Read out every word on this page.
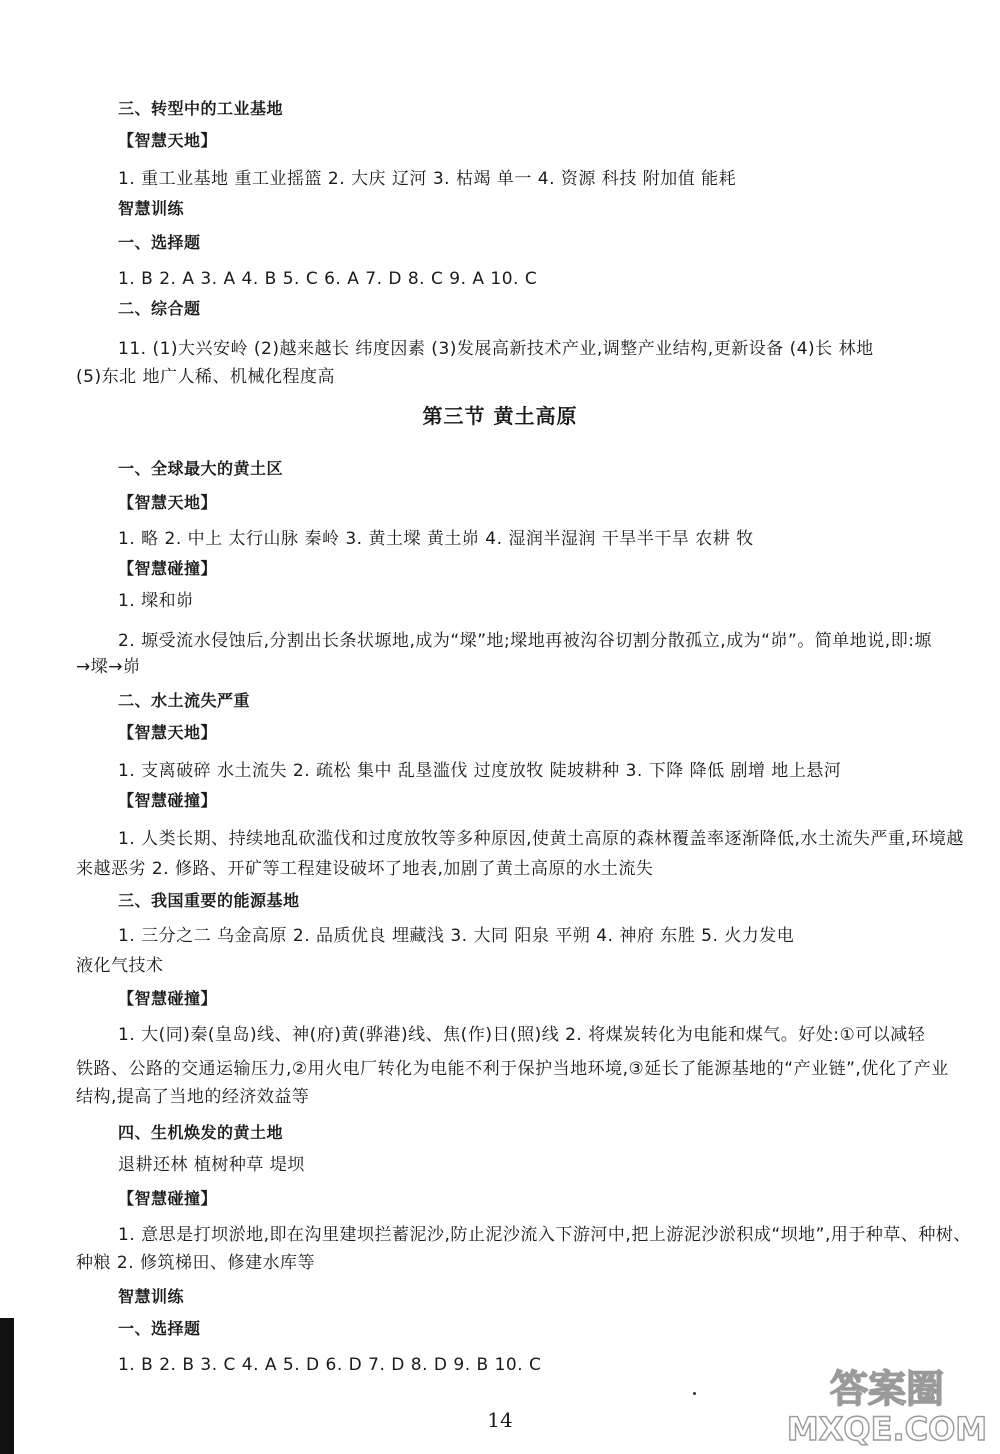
三、转型中的工业基地
【智慧天地】
1. 重工业基地 重工业摇篮 2. 大庆 辽河 3. 枯竭 单一 4. 资源 科技 附加值 能耗
智慧训练
一、选择题
1. B 2. A 3. A 4. B 5. C 6. A 7. D 8. C 9. A 10. C
二、综合题
11. (1)大兴安岭 (2)越来越长 纬度因素 (3)发展高新技术产业,调整产业结构,更新设备 (4)长 林地
(5)东北 地广人稀、机械化程度高
一、全球最大的黄土区
【智慧天地】
1. 略 2. 中上 太行山脉 秦岭 3. 黄土墚 黄土峁 4. 湿润半湿润 干旱半干旱 农耕 牧
【智慧碰撞】
1. 墚和峁
2. 塬受流水侵蚀后,分割出长条状塬地,成为“墚”地;墚地再被沟谷切割分散孤立,成为“峁”。简单地说,即:塬
→墚→峁
二、水土流失严重
【智慧天地】
1. 支离破碎 水土流失 2. 疏松 集中 乱垦滥伐 过度放牧 陡坡耕种 3. 下降 降低 剧增 地上悬河
【智慧碰撞】
1. 人类长期、持续地乱砍滥伐和过度放牧等多种原因,使黄土高原的森林覆盖率逐渐降低,水土流失严重,环境越
来越恶劣 2. 修路、开矿等工程建设破坏了地表,加剧了黄土高原的水土流失
三、我国重要的能源基地
1. 三分之二 乌金高原 2. 品质优良 埋藏浅 3. 大同 阳泉 平朔 4. 神府 东胜 5. 火力发电
液化气技术
【智慧碰撞】
1. 大(同)秦(皇岛)线、神(府)黄(骅港)线、焦(作)日(照)线 2. 将煤炭转化为电能和煤气。好处:①可以减轻
铁路、公路的交通运输压力,②用火电厂转化为电能不利于保护当地环境,③延长了能源基地的“产业链”,优化了产业
结构,提高了当地的经济效益等
四、生机焕发的黄土地
退耕还林 植树种草 堤坝
【智慧碰撞】
1. 意思是打坝淤地,即在沟里建坝拦蓄泥沙,防止泥沙流入下游河中,把上游泥沙淤积成“坝地”,用于种草、种树、
种粮 2. 修筑梯田、修建水库等
智慧训练
一、选择题
1. B 2. B 3. C 4. A 5. D 6. D 7. D 8. D 9. B 10. C
第三节 黄土高原
14
答案圈
MXQE.COM
